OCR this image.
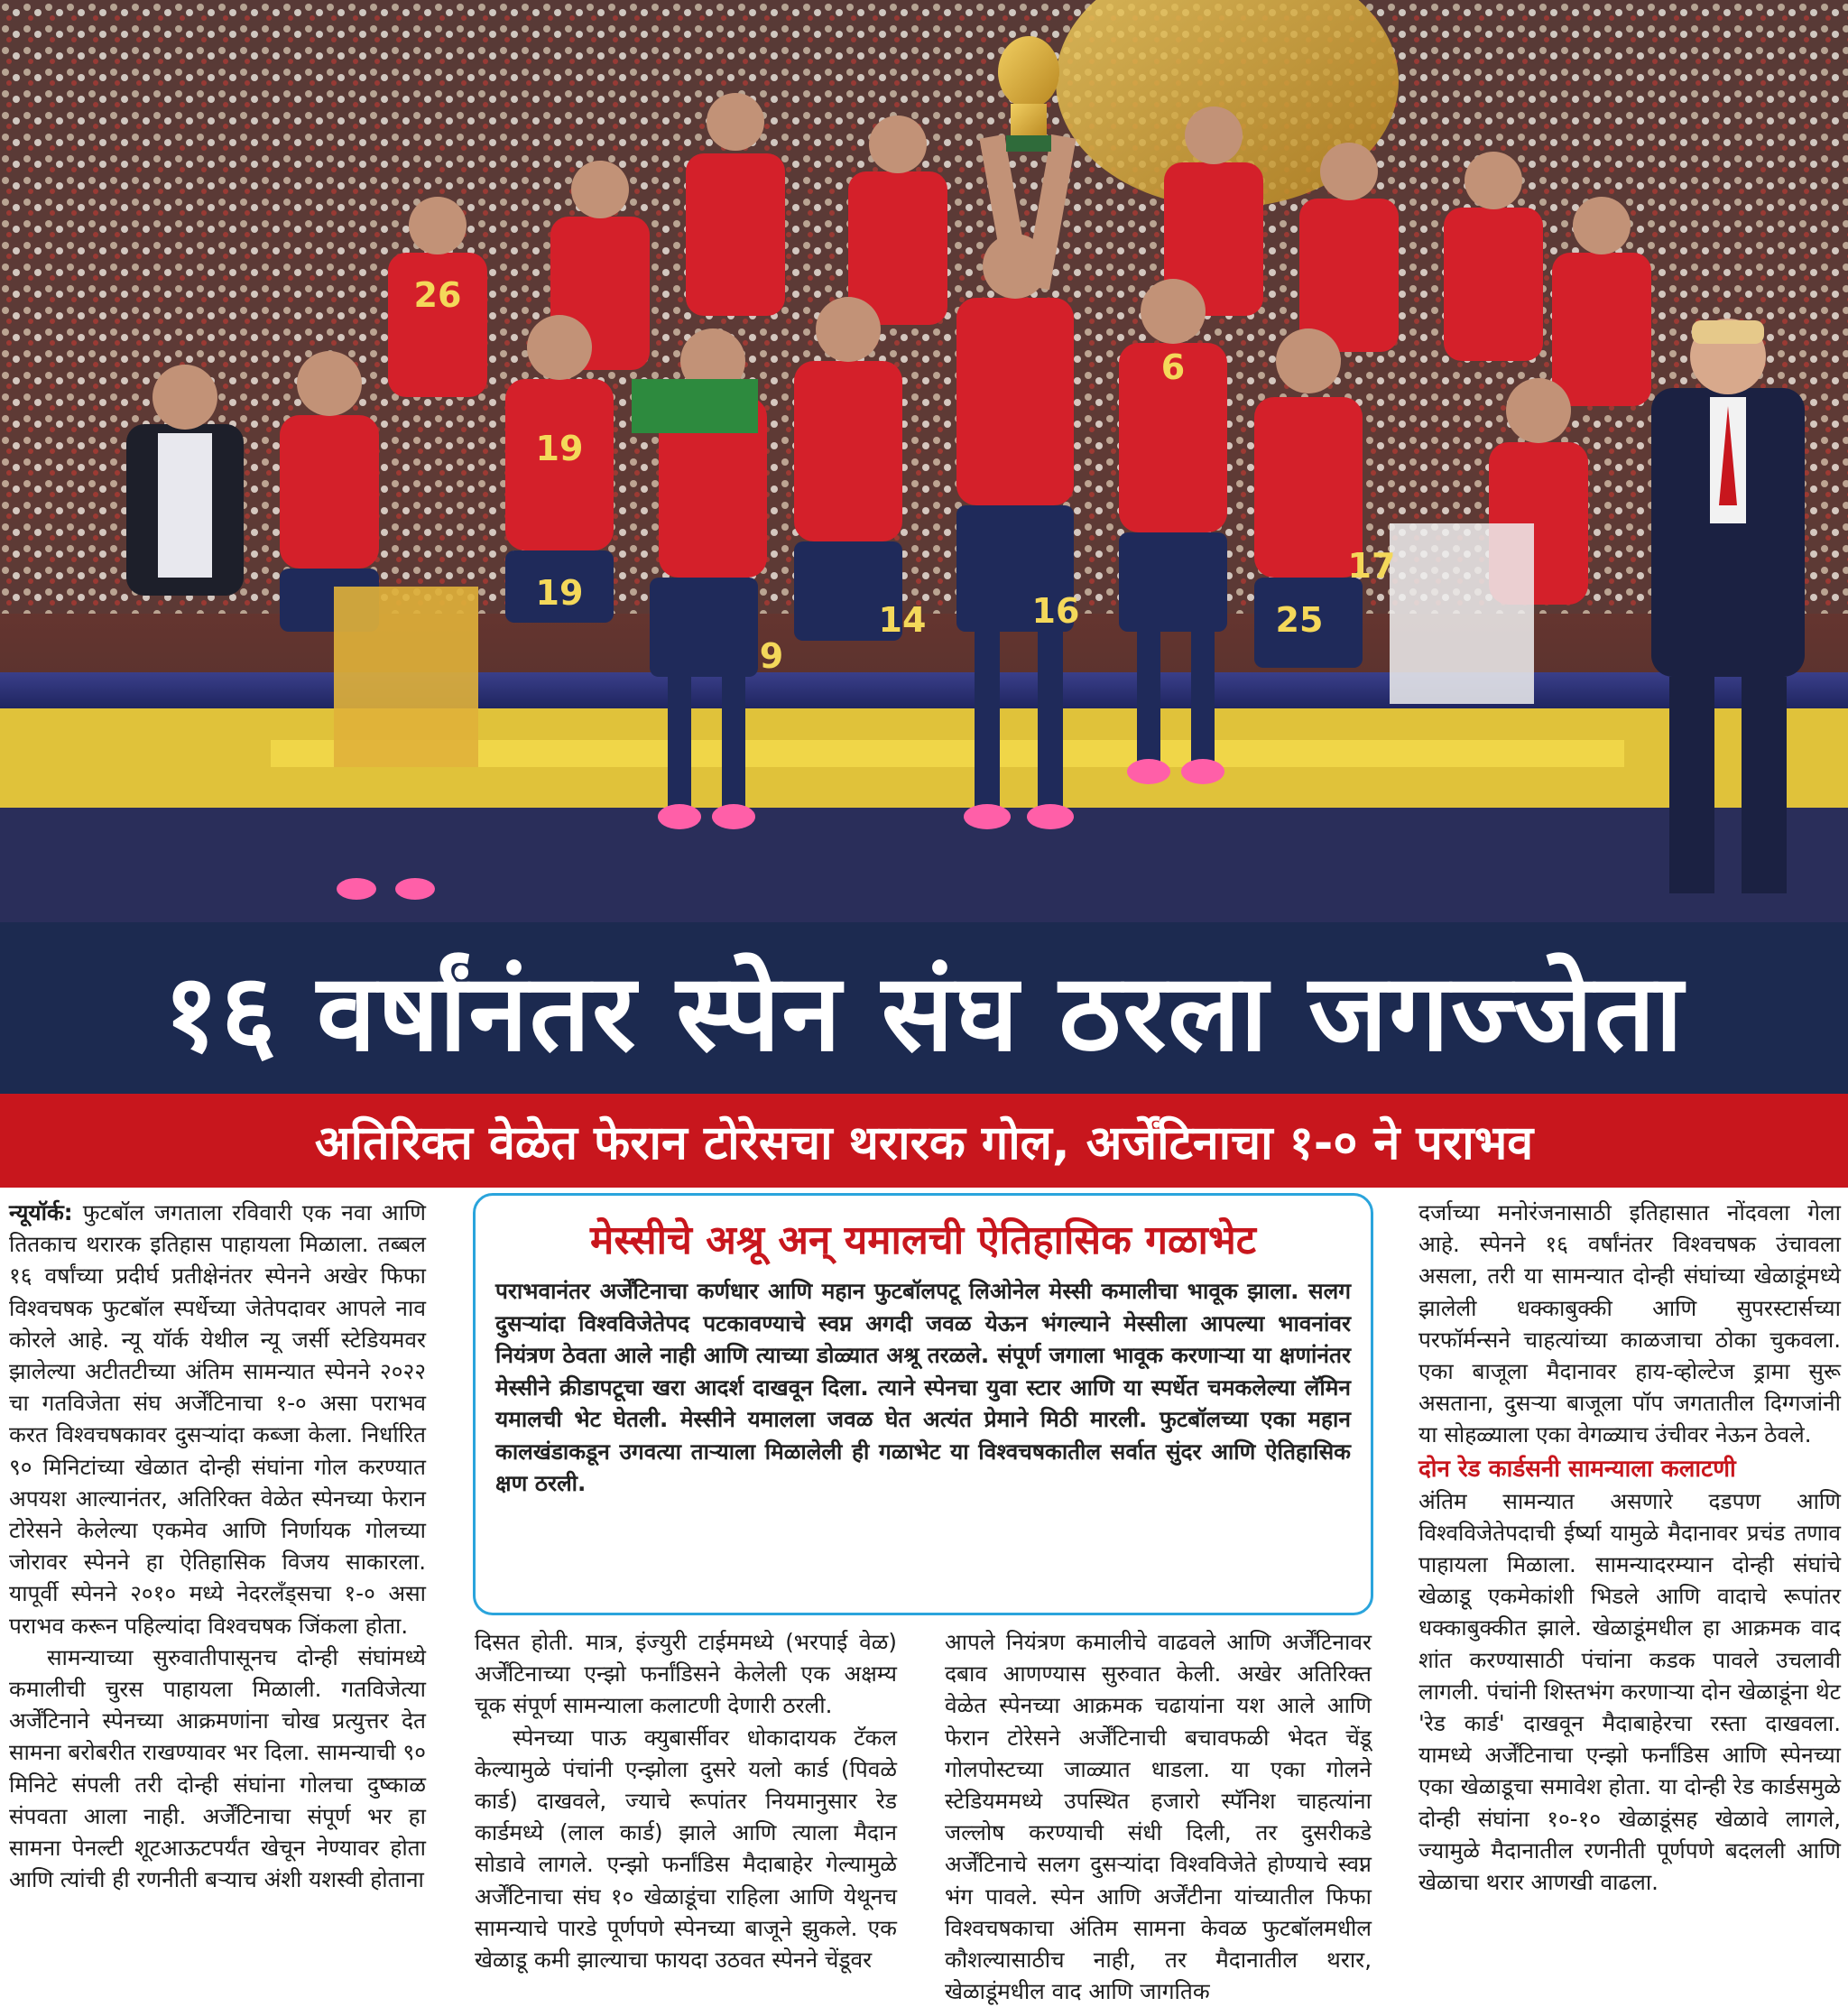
26
19
19
9
14	16
6
25
17
१६ वर्षांनंतर स्पेन संघ ठरला जगज्जेता
अतिरिक्त वेळेत फेरान टोरेसचा थरारक गोल, अर्जेंटिनाचा १-० ने पराभव

न्यूयॉर्क: फुटबॉल जगताला रविवारी एक नवा आणि तितकाच थरारक इतिहास पाहायला मिळाला. तब्बल १६ वर्षांच्या प्रदीर्घ प्रतीक्षेनंतर स्पेनने अखेर फिफा विश्वचषक फुटबॉल स्पर्धेच्या जेतेपदावर आपले नाव कोरले आहे. न्यू यॉर्क येथील न्यू जर्सी स्टेडियमवर झालेल्या अटीतटीच्या अंतिम सामन्यात स्पेनने २०२२ चा गतविजेता संघ अर्जेंटिनाचा १-० असा पराभव करत विश्वचषकावर दुसऱ्यांदा कब्जा केला. निर्धारित ९० मिनिटांच्या खेळात दोन्ही संघांना गोल करण्यात अपयश आल्यानंतर, अतिरिक्त वेळेत स्पेनच्या फेरान टोरेसने केलेल्या एकमेव आणि निर्णायक गोलच्या जोरावर स्पेनने हा ऐतिहासिक विजय साकारला. यापूर्वी स्पेनने २०१० मध्ये नेदरलँड्सचा १-० असा पराभव करून पहिल्यांदा विश्वचषक जिंकला होता.

सामन्याच्या सुरुवातीपासूनच दोन्ही संघांमध्ये कमालीची चुरस पाहायला मिळाली. गतविजेत्या अर्जेंटिनाने स्पेनच्या आक्रमणांना चोख प्रत्युत्तर देत सामना बरोबरीत राखण्यावर भर दिला. सामन्याची ९० मिनिटे संपली तरी दोन्ही संघांना गोलचा दुष्काळ संपवता आला नाही. अर्जेंटिनाचा संपूर्ण भर हा सामना पेनल्टी शूटआऊटपर्यंत खेचून नेण्यावर होता आणि त्यांची ही रणनीती बऱ्याच अंशी यशस्वी होताना

मेस्सीचे अश्रू अन् यमालची ऐतिहासिक गळाभेट
पराभवानंतर अर्जेंटिनाचा कर्णधार आणि महान फुटबॉलपटू लिओनेल मेस्सी कमालीचा भावूक झाला. सलग दुसऱ्यांदा विश्वविजेतेपद पटकावण्याचे स्वप्न अगदी जवळ येऊन भंगल्याने मेस्सीला आपल्या भावनांवर नियंत्रण ठेवता आले नाही आणि त्याच्या डोळ्यात अश्रू तरळले. संपूर्ण जगाला भावूक करणाऱ्या या क्षणांनंतर मेस्सीने क्रीडापटूचा खरा आदर्श दाखवून दिला. त्याने स्पेनचा युवा स्टार आणि या स्पर्धेत चमकलेल्या लॅमिन यमालची भेट घेतली. मेस्सीने यमालला जवळ घेत अत्यंत प्रेमाने मिठी मारली. फुटबॉलच्या एका महान कालखंडाकडून उगवत्या ताऱ्याला मिळालेली ही गळाभेट या विश्वचषकातील सर्वात सुंदर आणि ऐतिहासिक क्षण ठरली.

दिसत होती. मात्र, इंज्युरी टाईममध्ये (भरपाई वेळ) अर्जेंटिनाच्या एन्झो फर्नांडिसने केलेली एक अक्षम्य चूक संपूर्ण सामन्याला कलाटणी देणारी ठरली.

स्पेनच्या पाऊ क्युबार्सीवर धोकादायक टॅकल केल्यामुळे पंचांनी एन्झोला दुसरे यलो कार्ड (पिवळे कार्ड) दाखवले, ज्याचे रूपांतर नियमानुसार रेड कार्डमध्ये (लाल कार्ड) झाले आणि त्याला मैदान सोडावे लागले. एन्झो फर्नांडिस मैदाबाहेर गेल्यामुळे अर्जेंटिनाचा संघ १० खेळाडूंचा राहिला आणि येथूनच सामन्याचे पारडे पूर्णपणे स्पेनच्या बाजूने झुकले. एक खेळाडू कमी झाल्याचा फायदा उठवत स्पेनने चेंडूवर

आपले नियंत्रण कमालीचे वाढवले आणि अर्जेंटिनावर दबाव आणण्यास सुरुवात केली. अखेर अतिरिक्त वेळेत स्पेनच्या आक्रमक चढायांना यश आले आणि फेरान टोरेसने अर्जेंटिनाची बचावफळी भेदत चेंडू गोलपोस्टच्या जाळ्यात धाडला. या एका गोलने स्टेडियममध्ये उपस्थित हजारो स्पॅनिश चाहत्यांना जल्लोष करण्याची संधी दिली, तर दुसरीकडे अर्जेंटिनाचे सलग दुसऱ्यांदा विश्वविजेते होण्याचे स्वप्न भंग पावले. स्पेन आणि अर्जेंटीना यांच्यातील फिफा विश्वचषकाचा अंतिम सामना केवळ फुटबॉलमधील कौशल्यासाठीच नाही, तर मैदानातील थरार, खेळाडूंमधील वाद आणि जागतिक

दर्जाच्या मनोरंजनासाठी इतिहासात नोंदवला गेला आहे. स्पेनने १६ वर्षांनंतर विश्वचषक उंचावला असला, तरी या सामन्यात दोन्ही संघांच्या खेळाडूंमध्ये झालेली धक्काबुक्की आणि सुपरस्टार्सच्या परफॉर्मन्सने चाहत्यांच्या काळजाचा ठोका चुकवला. एका बाजूला मैदानावर हाय-व्होल्टेज ड्रामा सुरू असताना, दुसऱ्या बाजूला पॉप जगतातील दिग्गजांनी या सोहळ्याला एका वेगळ्याच उंचीवर नेऊन ठेवले.

दोन रेड कार्डसनी सामन्याला कलाटणी

अंतिम सामन्यात असणारे दडपण आणि विश्वविजेतेपदाची ईर्ष्या यामुळे मैदानावर प्रचंड तणाव पाहायला मिळाला. सामन्यादरम्यान दोन्ही संघांचे खेळाडू एकमेकांशी भिडले आणि वादाचे रूपांतर धक्काबुक्कीत झाले. खेळाडूंमधील हा आक्रमक वाद शांत करण्यासाठी पंचांना कडक पावले उचलावी लागली. पंचांनी शिस्तभंग करणाऱ्या दोन खेळाडूंना थेट 'रेड कार्ड' दाखवून मैदाबाहेरचा रस्ता दाखवला. यामध्ये अर्जेंटिनाचा एन्झो फर्नांडिस आणि स्पेनच्या एका खेळाडूचा समावेश होता. या दोन्ही रेड कार्डसमुळे दोन्ही संघांना १०-१० खेळाडूंसह खेळावे लागले, ज्यामुळे मैदानातील रणनीती पूर्णपणे बदलली आणि खेळाचा थरार आणखी वाढला.
